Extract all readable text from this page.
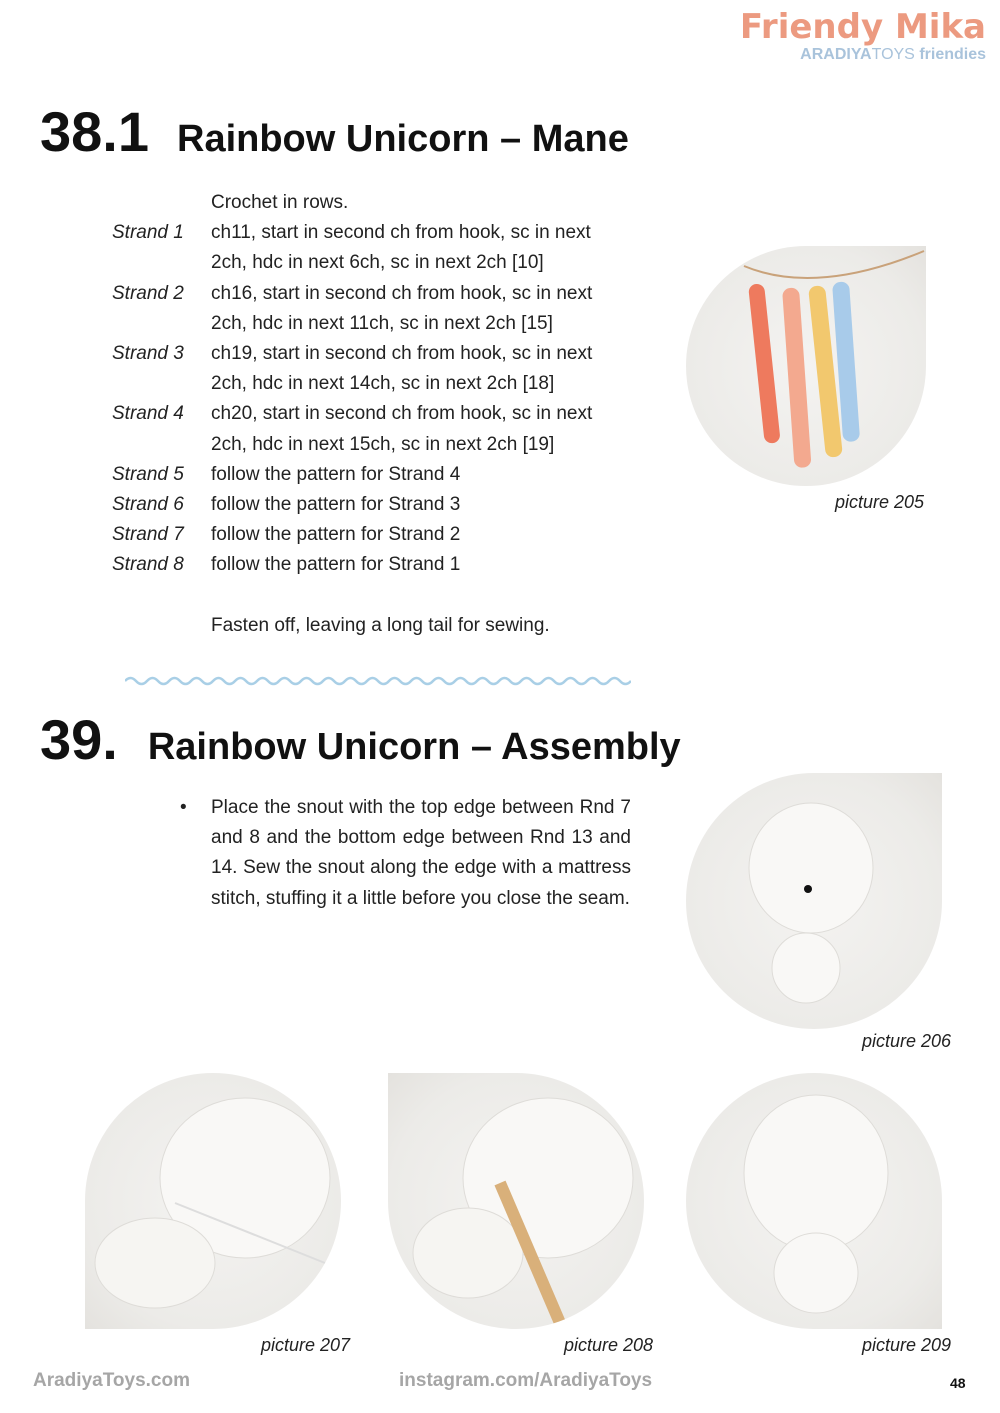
Friendy Mika
ARADIYATOYS friendies
38.1 Rainbow Unicorn – Mane
Crochet in rows.
Strand 1	ch11, start in second ch from hook, sc in next
2ch, hdc in next 6ch, sc in next 2ch [10]
Strand 2	ch16, start in second ch from hook, sc in next
2ch, hdc in next 11ch, sc in next 2ch [15]
Strand 3	ch19, start in second ch from hook, sc in next
2ch, hdc in next 14ch, sc in next 2ch [18]
Strand 4	ch20, start in second ch from hook, sc in next
2ch, hdc in next 15ch, sc in next 2ch [19]
Strand 5	follow the pattern for Strand 4
Strand 6	follow the pattern for Strand 3
Strand 7	follow the pattern for Strand 2
Strand 8	follow the pattern for Strand 1
Fasten off, leaving a long tail for sewing.
picture 205
39. Rainbow Unicorn – Assembly
•	Place the snout with the top edge between Rnd 7 and 8 and the bottom edge between Rnd 13 and 14. Sew the snout along the edge with a mattress stitch, stuffing it a little before you close the seam.
picture 206
picture 207	picture 208	picture 209
AradiyaToys.com	instagram.com/AradiyaToys	48
